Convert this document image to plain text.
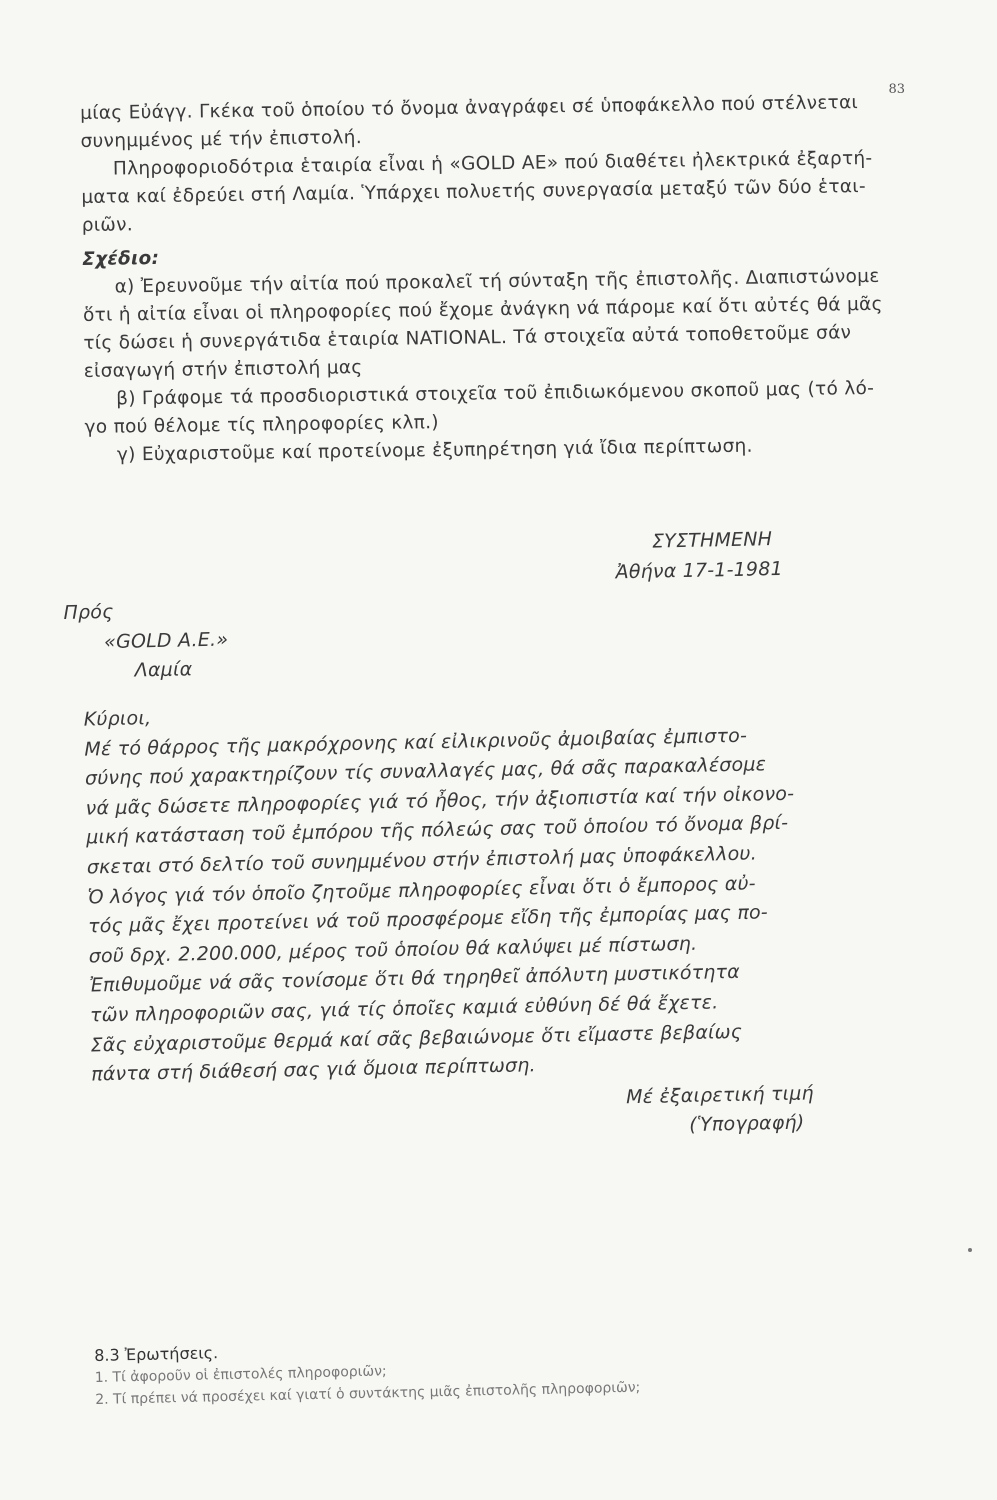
83

μίας Εὐάγγ. Γκέκα τοῦ ὁποίου τό ὄνομα ἀναγράφει σέ ὑποφάκελλο πού στέλνεται

συνημμένος μέ τήν ἐπιστολή.

Πληροφοριοδότρια ἑταιρία εἶναι ἡ «GOLD AE» πού διαθέτει ἠλεκτρικά ἐξαρτή-

ματα καί ἐδρεύει στή Λαμία. Ὑπάρχει πολυετής συνεργασία μεταξύ τῶν δύο ἑται-

ριῶν.

Σχέδιο:

α) Ἐρευνοῦμε τήν αἰτία πού προκαλεῖ τή σύνταξη τῆς ἐπιστολῆς. Διαπιστώνομε

ὅτι ἡ αἰτία εἶναι οἱ πληροφορίες πού ἔχομε ἀνάγκη νά πάρομε καί ὅτι αὐτές θά μᾶς

τίς δώσει ἡ συνεργάτιδα ἑταιρία NATIONAL. Τά στοιχεῖα αὐτά τοποθετοῦμε σάν

εἰσαγωγή στήν ἐπιστολή μας

β) Γράφομε τά προσδιοριστικά στοιχεῖα τοῦ ἐπιδιωκόμενου σκοποῦ μας (τό λό-

γο πού θέλομε τίς πληροφορίες κλπ.)

γ) Εὐχαριστοῦμε καί προτείνομε ἐξυπηρέτηση γιά ἴδια περίπτωση.

ΣΥΣΤΗΜΕΝΗ

Ἀθήνα 17-1-1981

Πρός

«GOLD A.E.»

Λαμία

Κύριοι,

Μέ τό θάρρος τῆς μακρόχρονης καί εἰλικρινοῦς ἀμοιβαίας ἐμπιστο-

σύνης πού χαρακτηρίζουν τίς συναλλαγές μας, θά σᾶς παρακαλέσομε

νά μᾶς δώσετε πληροφορίες γιά τό ἦθος, τήν ἀξιοπιστία καί τήν οἰκονο-

μική κατάσταση τοῦ ἐμπόρου τῆς πόλεώς σας τοῦ ὁποίου τό ὄνομα βρί-

σκεται στό δελτίο τοῦ συνημμένου στήν ἐπιστολή μας ὑποφάκελλου.

Ὁ λόγος γιά τόν ὁποῖο ζητοῦμε πληροφορίες εἶναι ὅτι ὁ ἔμπορος αὐ-

τός μᾶς ἔχει προτείνει νά τοῦ προσφέρομε εἴδη τῆς ἐμπορίας μας πο-

σοῦ δρχ. 2.200.000, μέρος τοῦ ὁποίου θά καλύψει μέ πίστωση.

Ἐπιθυμοῦμε νά σᾶς τονίσομε ὅτι θά τηρηθεῖ ἀπόλυτη μυστικότητα

τῶν πληροφοριῶν σας, γιά τίς ὁποῖες καμιά εὐθύνη δέ θά ἔχετε.

Σᾶς εὐχαριστοῦμε θερμά καί σᾶς βεβαιώνομε ὅτι εἴμαστε βεβαίως

πάντα στή διάθεσή σας γιά ὅμοια περίπτωση.

Μέ ἐξαιρετική τιμή

(Ὑπογραφή)

8.3 Ἐρωτήσεις.

1. Τί ἀφοροῦν οἱ ἐπιστολές πληροφοριῶν;

2. Τί πρέπει νά προσέχει καί γιατί ὁ συντάκτης μιᾶς ἐπιστολῆς πληροφοριῶν;
